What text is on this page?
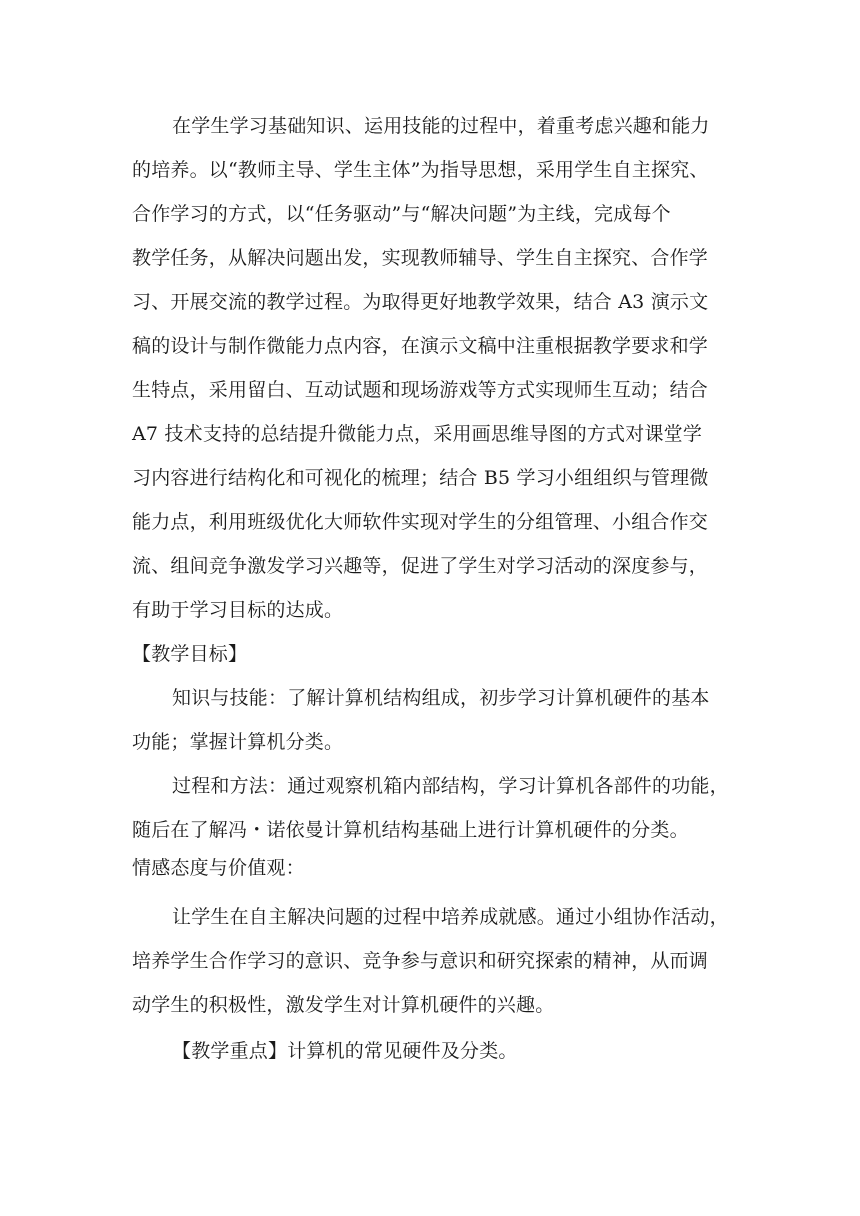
在学生学习基础知识、运用技能的过程中，着重考虑兴趣和能力
的培养。以“教师主导、学生主体”为指导思想，采用学生自主探究、
合作学习的方式，以“任务驱动”与“解决问题”为主线，完成每个
教学任务，从解决问题出发，实现教师辅导、学生自主探究、合作学
习、开展交流的教学过程。为取得更好地教学效果，结合 A3 演示文
稿的设计与制作微能力点内容，在演示文稿中注重根据教学要求和学
生特点，采用留白、互动试题和现场游戏等方式实现师生互动；结合
A7 技术支持的总结提升微能力点，采用画思维导图的方式对课堂学
习内容进行结构化和可视化的梳理；结合 B5 学习小组组织与管理微
能力点，利用班级优化大师软件实现对学生的分组管理、小组合作交
流、组间竞争激发学习兴趣等，促进了学生对学习活动的深度参与，
有助于学习目标的达成。
【教学目标】
知识与技能：了解计算机结构组成，初步学习计算机硬件的基本
功能；掌握计算机分类。
过程和方法：通过观察机箱内部结构，学习计算机各部件的功能，
随后在了解冯・诺依曼计算机结构基础上进行计算机硬件的分类。
情感态度与价值观：
让学生在自主解决问题的过程中培养成就感。通过小组协作活动，
培养学生合作学习的意识、竞争参与意识和研究探索的精神，从而调
动学生的积极性，激发学生对计算机硬件的兴趣。
【教学重点】计算机的常见硬件及分类。
